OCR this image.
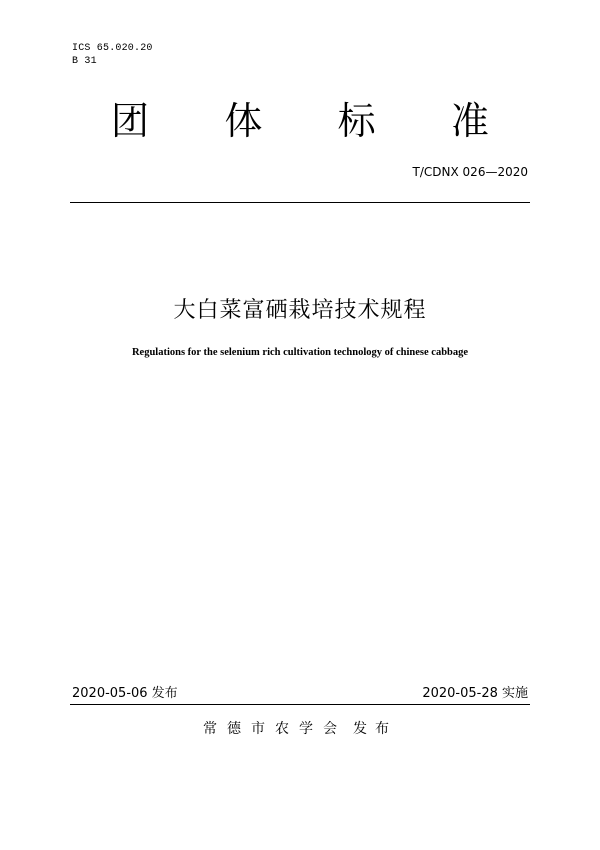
ICS 65.020.20
B 31
团 体 标 准
T/CDNX 026—2020
大白菜富硒栽培技术规程
Regulations for the selenium rich cultivation technology of chinese cabbage
2020-05-06 发布	2020-05-28 实施
常德市农学会 发布
